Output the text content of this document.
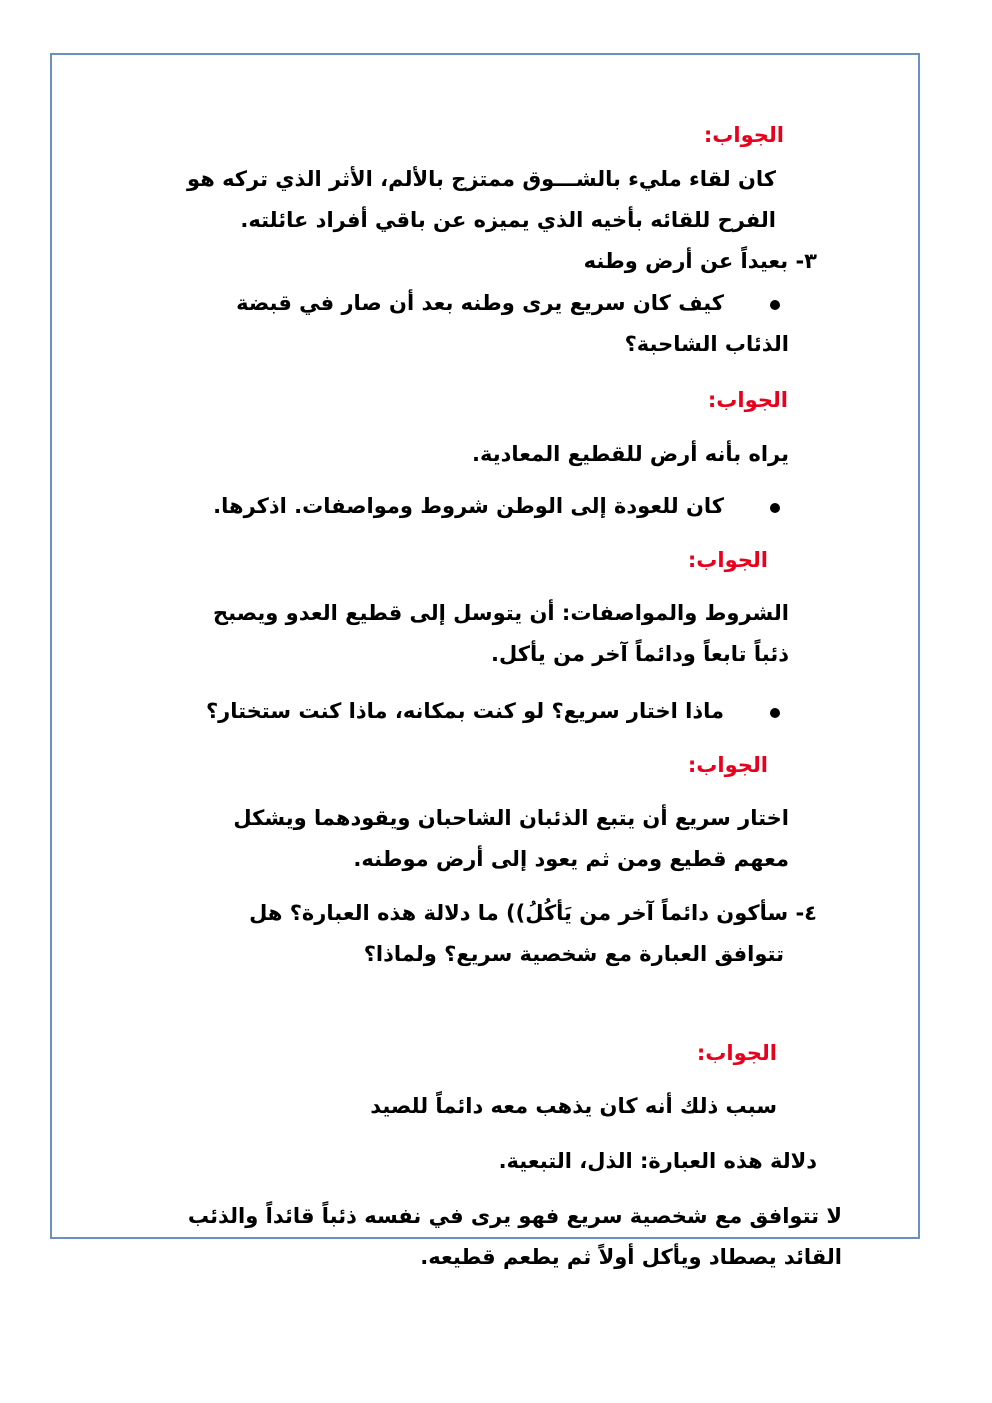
الجواب:
كان لقاء مليء بالشـــوق ممتزج بالألم، الأثر الذي تركه هو
الفرح للقائه بأخيه الذي يميزه عن باقي أفراد عائلته.
٣- بعيداً عن أرض وطنه
كيف كان سريع يرى وطنه بعد أن صار في قبضة
الذئاب الشاحبة؟
الجواب:
يراه بأنه أرض للقطيع المعادية.
كان للعودة إلى الوطن شروط ومواصفات. اذكرها.
الجواب:
الشروط والمواصفات: أن يتوسل إلى قطيع العدو ويصبح
ذئباً تابعاً ودائماً آخر من يأكل.
ماذا اختار سريع؟ لو كنت بمكانه، ماذا كنت ستختار؟
الجواب:
اختار سريع أن يتبع الذئبان الشاحبان ويقودهما ويشكل
معهم قطيع ومن ثم يعود إلى أرض موطنه.
٤- سأكون دائماً آخر من يَأكُلُ)) ما دلالة هذه العبارة؟ هل
تتوافق العبارة مع شخصية سريع؟ ولماذا؟
الجواب:
سبب ذلك أنه كان يذهب معه دائماً للصيد
دلالة هذه العبارة: الذل، التبعية.
لا تتوافق مع شخصية سريع فهو يرى في نفسه ذئباً قائداً والذئب
القائد يصطاد ويأكل أولاً ثم يطعم قطيعه.
